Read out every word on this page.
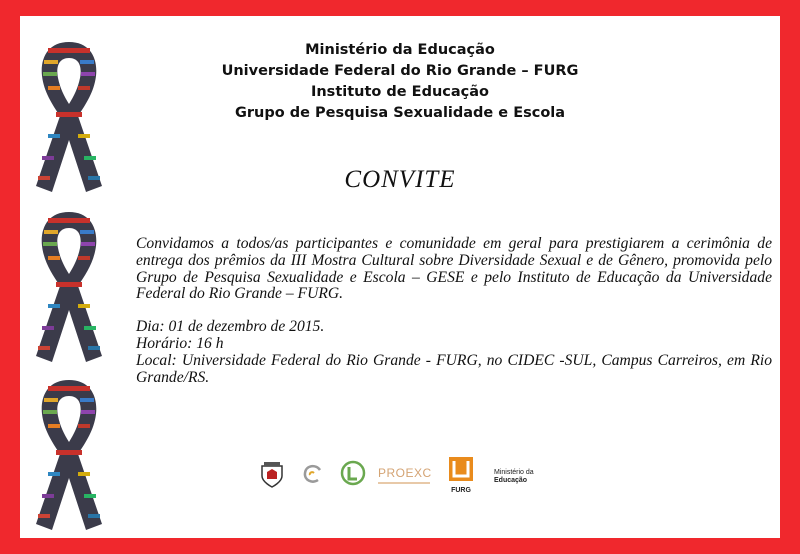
Ministério da Educação
Universidade Federal do Rio Grande – FURG
Instituto de Educação
Grupo de Pesquisa Sexualidade e Escola
CONVITE

Convidamos a todos/as participantes e comunidade em geral para prestigiarem a cerimônia de entrega dos prêmios da III Mostra Cultural sobre Diversidade Sexual e de Gênero, promovida pelo Grupo de Pesquisa Sexualidade e Escola – GESE e pelo Instituto de Educação da Universidade Federal do Rio Grande – FURG.

Dia: 01 de dezembro de 2015.

Horário: 16 h

Local: Universidade Federal do Rio Grande - FURG, no CIDEC -SUL, Campus Carreiros, em Rio Grande/RS.

PROEXC
FURG
Ministério da
Educação
